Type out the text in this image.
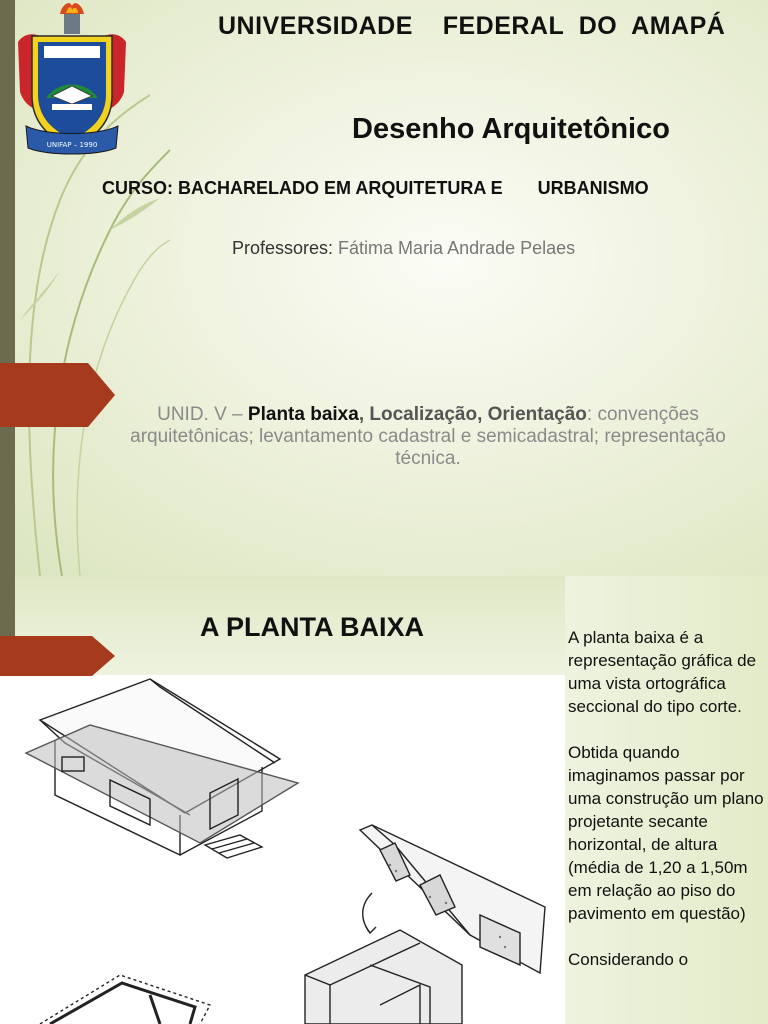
UNIFAP – 1990
UNIVERSIDADE    FEDERAL  DO  AMAPÁ
Desenho Arquitetônico
CURSO: BACHARELADO EM ARQUITETURA E       URBANISMO
Professores: Fátima Maria Andrade Pelaes
UNID. V – Planta baixa, Localização, Orientação: convenções arquitetônicas; levantamento cadastral e semicadastral; representação técnica.
A PLANTA BAIXA	A planta baixa é a representação gráfica de uma vista ortográfica seccional do tipo corte.

Obtida quando imaginamos passar por uma construção um plano projetante secante horizontal, de altura (média de 1,20 a 1,50m em relação ao piso do pavimento em questão)

Considerando o
